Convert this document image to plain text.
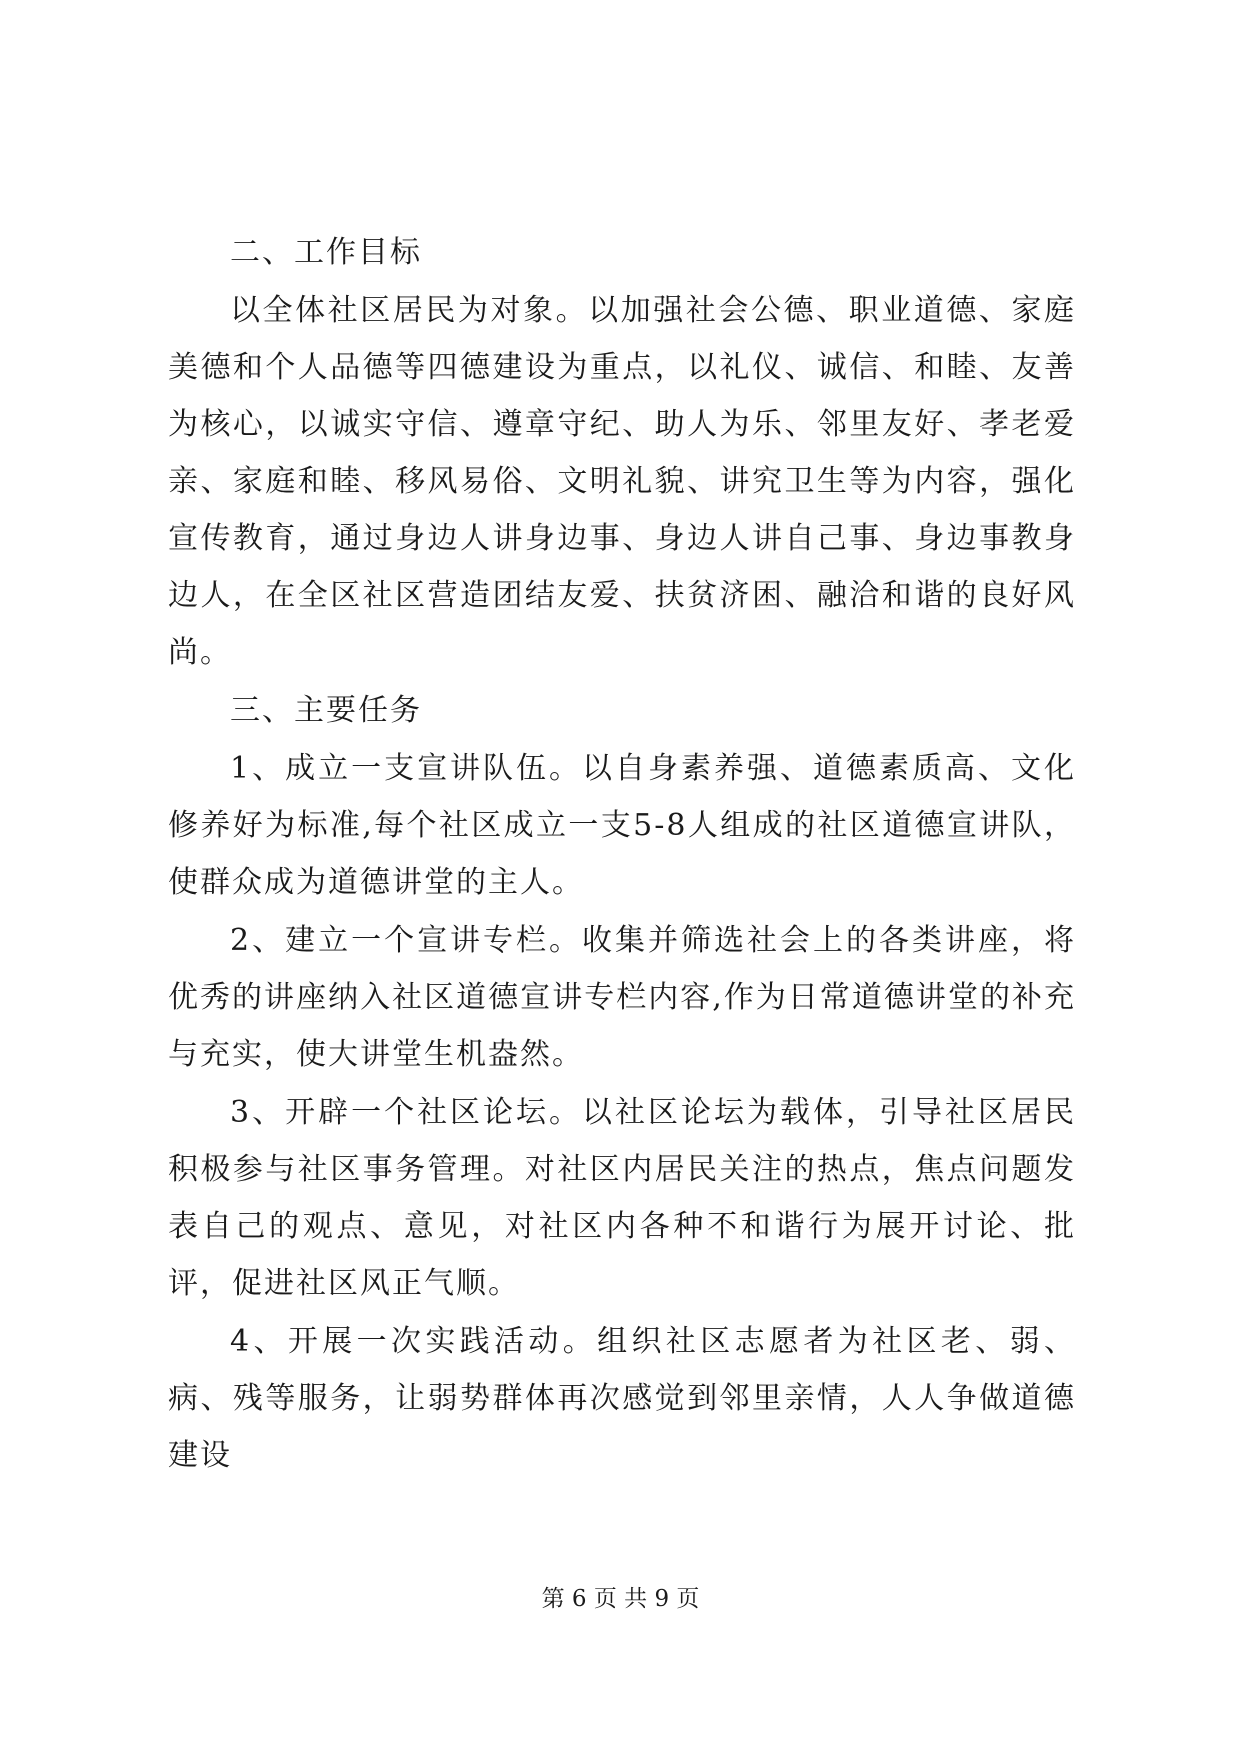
二、工作目标

以全体社区居民为对象。以加强社会公德、职业道德、家庭美德和个人品德等四德建设为重点，以礼仪、诚信、和睦、友善为核心，以诚实守信、遵章守纪、助人为乐、邻里友好、孝老爱亲、家庭和睦、移风易俗、文明礼貌、讲究卫生等为内容，强化宣传教育，通过身边人讲身边事、身边人讲自己事、身边事教身边人，在全区社区营造团结友爱、扶贫济困、融洽和谐的良好风尚。

三、主要任务

1、成立一支宣讲队伍。以自身素养强、道德素质高、文化修养好为标准,每个社区成立一支5-8人组成的社区道德宣讲队，使群众成为道德讲堂的主人。

2、建立一个宣讲专栏。收集并筛选社会上的各类讲座，将优秀的讲座纳入社区道德宣讲专栏内容,作为日常道德讲堂的补充与充实，使大讲堂生机盎然。

3、开辟一个社区论坛。以社区论坛为载体，引导社区居民积极参与社区事务管理。对社区内居民关注的热点，焦点问题发表自己的观点、意见，对社区内各种不和谐行为展开讨论、批评，促进社区风正气顺。

4、开展一次实践活动。组织社区志愿者为社区老、弱、病、残等服务，让弱势群体再次感觉到邻里亲情，人人争做道德建设

第 6 页 共 9 页
